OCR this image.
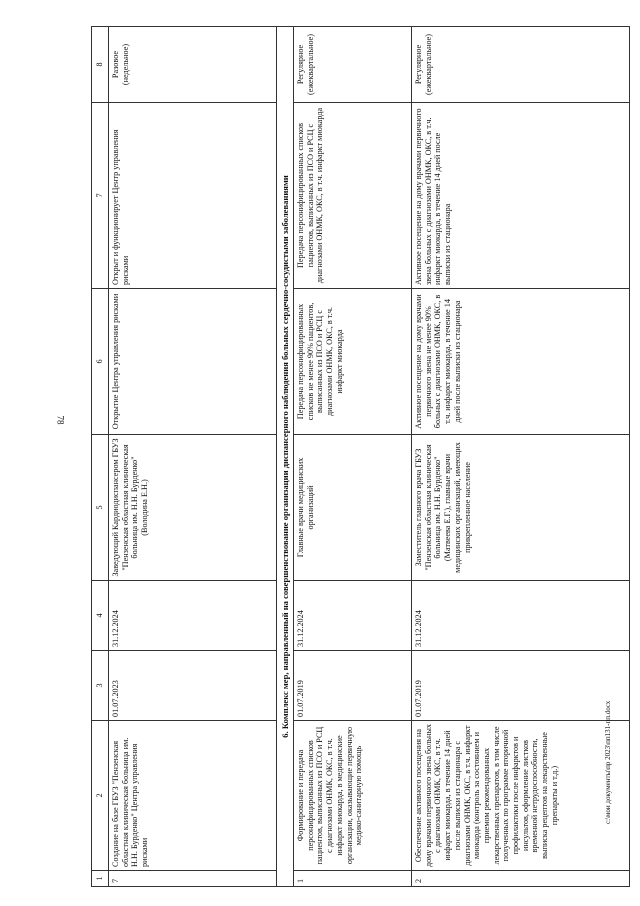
78
1	2	3	4	5	6	7	8
7	Создание на базе ГБУЗ "Пензенская областная клиническая больница им. Н.Н. Бурденко" Центра управления рисками	01.07.2023	31.12.2024	Заведующий Кардиодиспансером ГБУЗ "Пензенская областная клиническая больница им. Н.Н. Бурденко" (Володина Е.Н.)	Открытие Центра управления рисками	Открыт и функционирует Центр управления рисками	Разовое (недельное)
6. Комплекс мер, направленный на совершенствование организации диспансерного наблюдения больных сердечно-сосудистыми заболеваниями							
1	Формирование и передача персонифицированных списков пациентов, выписанных из ПСО и РСЦ с диагнозами ОНМК, ОКС, в т.ч. инфаркт миокарда, в медицинские организации, оказывающие первичную медико-санитарную помощь	01.07.2019	31.12.2024	Главные врачи медицинских организаций	Передача персонифицированных списков не менее 90% пациентов, выписанных из ПСО и РСЦ с диагнозами ОНМК, ОКС, в т.ч. инфаркт миокарда	Передача персонифицированных списков пациентов, выписанных из ПСО и РСЦ с диагнозами ОНМК, ОКС, в т.ч. инфаркт миокарда	Регулярное (ежеквартальное)
2	Обеспечение активного посещения на дому врачами первичного звена больных с диагнозами ОНМК, ОКС, в т.ч. инфаркт миокарда, в течение 14 дней после выписки из стационара с диагнозами ОНМК, ОКС, в т.ч. инфаркт миокарда (контроль за состоянием и приемом рекомендованных лекарственных препаратов, в том числе полученных по программе вторичной профилактики после инфарктов и инсультов, оформление листков временной нетрудоспособности, выписка рецептов на лекарственные препараты и т.д.)	01.07.2019	31.12.2024	Заместитель главного врача ГБУЗ "Пензенская областная клиническая больница им. Н.Н. Бурденко" (Матвеева Е.Г.), главные врачи медицинских организаций, имеющих прикрепленное население	Активное посещение на дому врачами первичного звена не менее 90% больных с диагнозами ОНМК, ОКС, в т.ч. инфаркт миокарда, в течение 14 дней после выписки из стационара	Активное посещение на дому врачами первичного звена больных с диагнозами ОНМК, ОКС, в т.ч. инфаркт миокарда, в течение 14 дней после выписки из стационара	Регулярное (ежеквартальное)
c:\мои документы\пр 2023\пп131-пп.docx
